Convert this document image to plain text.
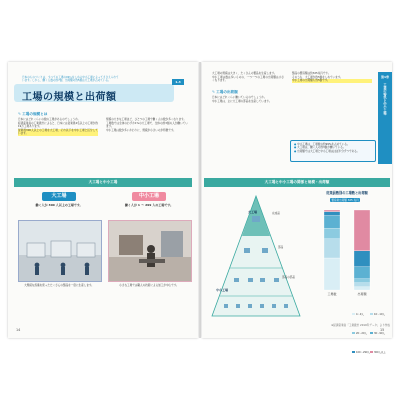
日本のものづくりは、すべての工場の99％をしめる中小工場によってささえられて
います。しかし、働く人数の約7割、出荷額の約5割は大工場が占めている。
工場の規模と出荷額
1-3
✎ 工場の規模とは
日本にはどれくらいの数の工場があるのでしょうか。
経済産業省の工業統計によると、日本には従業員4名以上の工場が約19万工場あります。
従業員300人以上の工場を大工場、それ以下を中小工場と区分しています。
規模の大きな工場ほど、ひとつの工場で働く人の数が多くなります。
工場数では全体のわずか1%の大工場で、全体の約3割の人が働いています。
中小工場は数が多いかわりに、規模が小さいのが特徴です。
大工場と中小工場
大工場
働く人が 300 人以上の工場です。
中小工場
働く人が 1 〜 299 人の工場です。
大規模な設備を使ったたくさんの製品を一度に生産します。	小さな工場では職人の技術による加工が中心です。
14
第1章
工業の特色と中小工場
大工場の規模は大きく、たくさんの製品を生産します。
中小工場は数は多いものの、一つ一つの工場の出荷額は小さくなります。
✎ 工場の出荷額
日本にはどれくらい働いているのでしょうか。
中小工場は、主に大工場の部品を生産しています。
製品の製造額は約325兆円です。
そのうち、大工場が約5割をしめています。
中小工場の出荷額も約5割です。
● 中小工場は、工場数の約99%を占めている。
● 大工場は、働く人の約3割が働いている。
● 出荷額では大工場と中小工場はほぼ半分ずつである。
大工場と中小工場の関係と規模・出荷額
大工場
中小工場
完成品
部品
部品の部品
従業員数別の工場数と出荷額
製造業出荷額 325 兆円
工場数	出荷額
4〜9人	10〜19人20〜29人	30〜99人100〜299人 300人以上
※経済産業省「工業統計 2019年データ」より作成
15
